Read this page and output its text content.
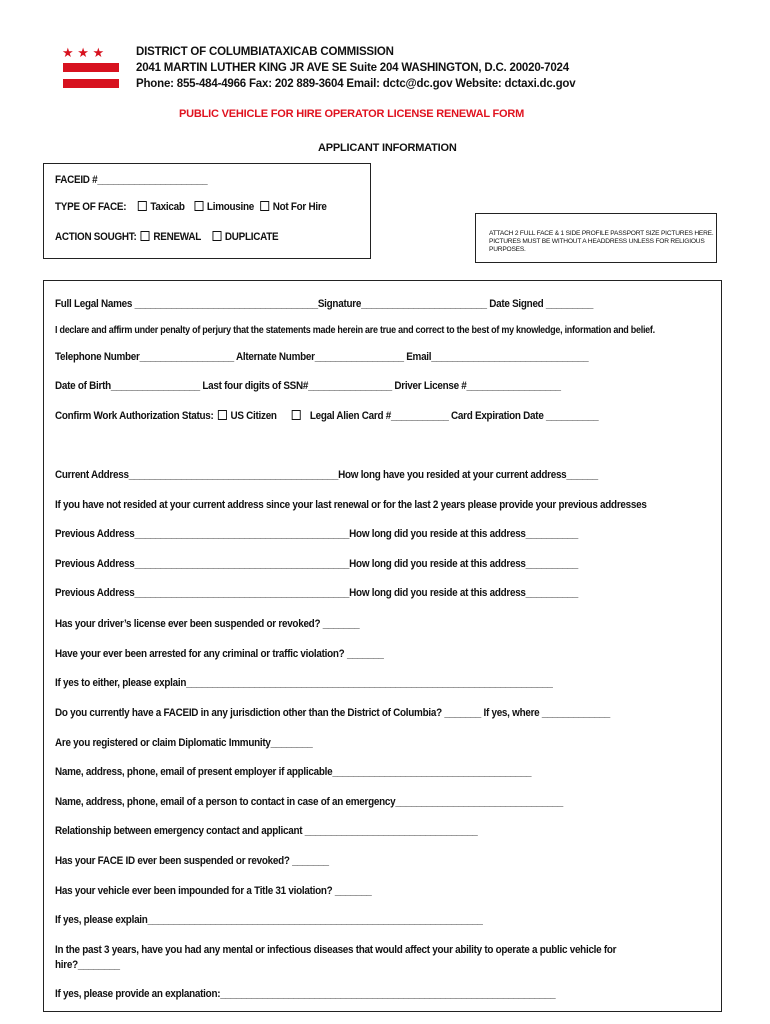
★ ★ ★	DISTRICT OF COLUMBIATAXICAB COMMISSION
2041 MARTIN LUTHER KING JR AVE SE Suite 204 WASHINGTON, D.C. 20020-7024
Phone: 855-484-4966 Fax: 202 889-3604 Email: dctc@dc.gov Website: dctaxi.dc.gov
PUBLIC VEHICLE FOR HIRE OPERATOR LICENSE RENEWAL FORM
APPLICANT INFORMATION
FACEID #_____________________
TYPE OF FACE: Taxicab Limousine Not For Hire
ACTION SOUGHT: RENEWAL DUPLICATE	ATTACH 2 FULL FACE & 1 SIDE PROFILE PASSPORT SIZE PICTURES HERE. PICTURES MUST BE WITHOUT A HEADDRESS UNLESS FOR RELIGIOUS PURPOSES.
Full Legal Names ___________________________________Signature________________________ Date Signed _________
I declare and affirm under penalty of perjury that the statements made herein are true and correct to the best of my knowledge, information and belief.
Telephone Number__________________ Alternate Number_________________ Email______________________________
Date of Birth_________________ Last four digits of SSN#________________ Driver License #__________________
Confirm Work Authorization Status: US Citizen	Legal Alien Card #___________ Card Expiration Date __________
Current Address________________________________________How long have you resided at your current address______
If you have not resided at your current address since your last renewal or for the last 2 years please provide your previous addresses
Previous Address_________________________________________How long did you reside at this address__________
Previous Address_________________________________________How long did you reside at this address__________
Previous Address_________________________________________How long did you reside at this address__________
Has your driver’s license ever been suspended or revoked? _______
Have your ever been arrested for any criminal or traffic violation? _______
If yes to either, please explain______________________________________________________________________
Do you currently have a FACEID in any jurisdiction other than the District of Columbia? _______ If yes, where _____________
Are you registered or claim Diplomatic Immunity________
Name, address, phone, email of present employer if applicable______________________________________
Name, address, phone, email of a person to contact in case of an emergency________________________________
Relationship between emergency contact and applicant _________________________________
Has your FACE ID ever been suspended or revoked? _______
Has your vehicle ever been impounded for a Title 31 violation? _______
If yes, please explain________________________________________________________________
In the past 3 years, have you had any mental or infectious diseases that would affect your ability to operate a public vehicle for
hire?________
If yes, please provide an explanation:________________________________________________________________
